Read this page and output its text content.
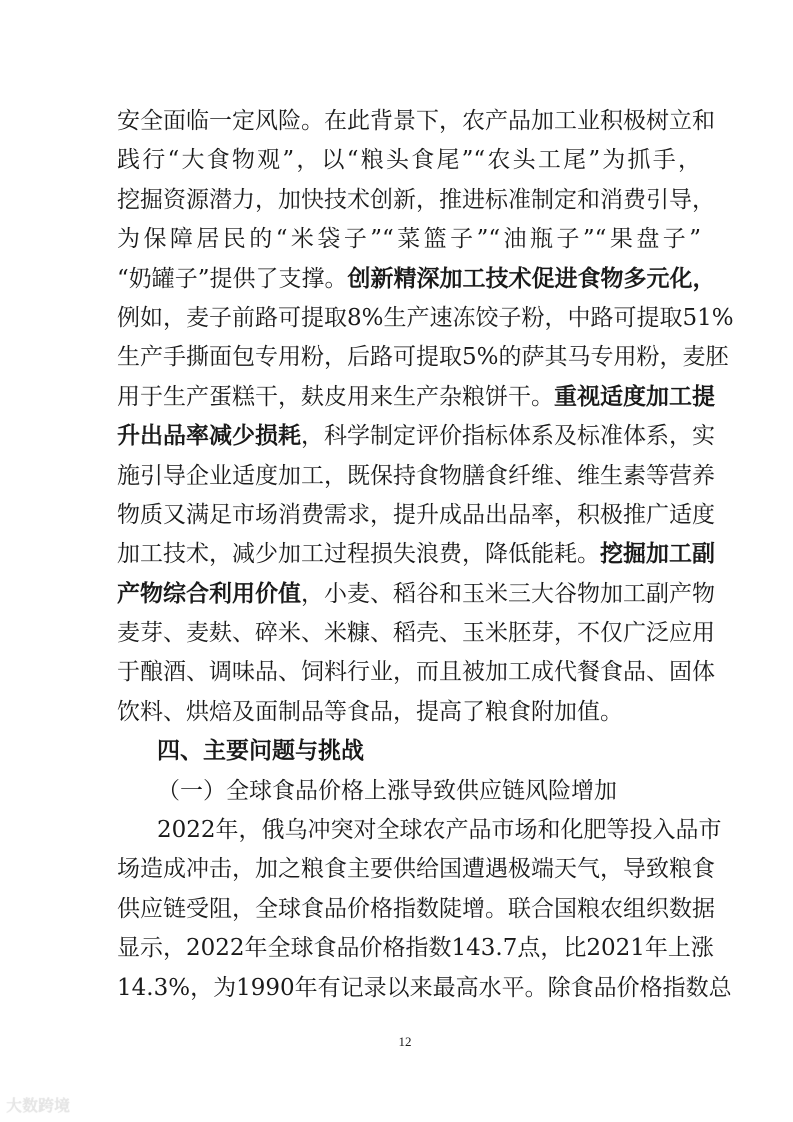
安全面临一定风险。在此背景下，农产品加工业积极树立和
践行“大食物观”，以“粮头食尾”“农头工尾”为抓手，
挖掘资源潜力，加快技术创新，推进标准制定和消费引导，
为保障居民的“米袋子”“菜篮子”“油瓶子”“果盘子”
“奶罐子”提供了支撑。创新精深加工技术促进食物多元化，
例如，麦子前路可提取8%生产速冻饺子粉，中路可提取51%
生产手撕面包专用粉，后路可提取5%的萨其马专用粉，麦胚
用于生产蛋糕干，麸皮用来生产杂粮饼干。重视适度加工提
升出品率减少损耗，科学制定评价指标体系及标准体系，实
施引导企业适度加工，既保持食物膳食纤维、维生素等营养
物质又满足市场消费需求，提升成品出品率，积极推广适度
加工技术，减少加工过程损失浪费，降低能耗。挖掘加工副
产物综合利用价值，小麦、稻谷和玉米三大谷物加工副产物
麦芽、麦麸、碎米、米糠、稻壳、玉米胚芽，不仅广泛应用
于酿酒、调味品、饲料行业，而且被加工成代餐食品、固体
饮料、烘焙及面制品等食品，提高了粮食附加值。
四、主要问题与挑战
（一）全球食品价格上涨导致供应链风险增加
2022年，俄乌冲突对全球农产品市场和化肥等投入品市
场造成冲击，加之粮食主要供给国遭遇极端天气，导致粮食
供应链受阻，全球食品价格指数陡增。联合国粮农组织数据
显示，2022年全球食品价格指数143.7点，比2021年上涨
14.3%，为1990年有记录以来最高水平。除食品价格指数总
12
大数跨境
